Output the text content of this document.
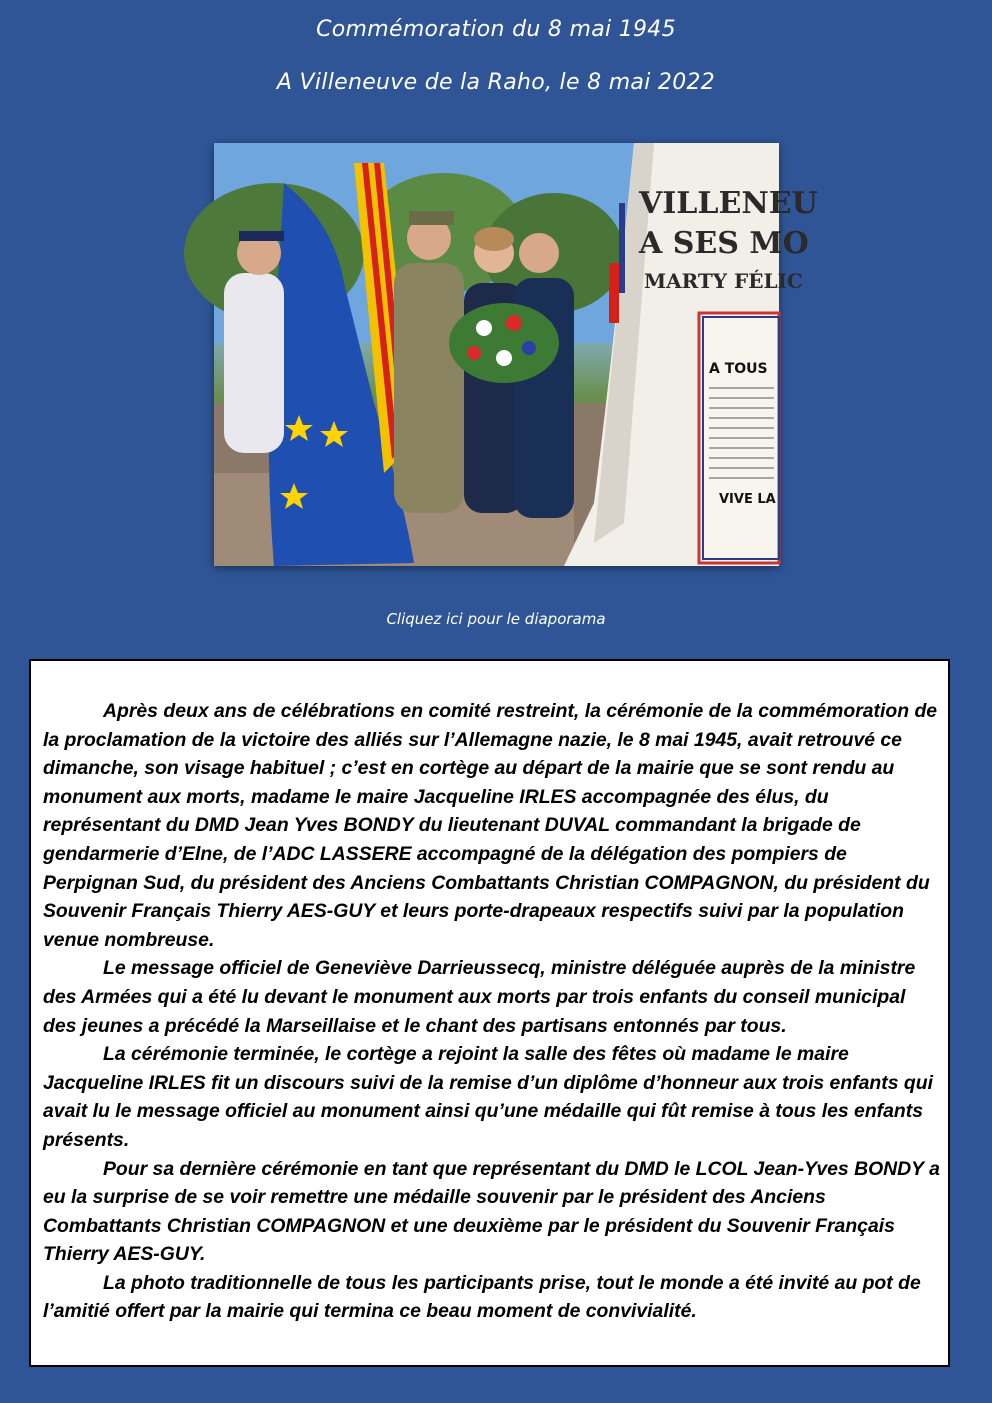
Commémoration du 8 mai 1945
A Villeneuve de la Raho, le 8 mai 2022
VILLENEU
A SES MO
MARTY FÉLIC
A TOUS
VIVE LA
Cliquez ici pour le diaporama

Après deux ans de célébrations en comité restreint, la cérémonie de la commémoration de la proclamation de la victoire des alliés sur l’Allemagne nazie, le 8 mai 1945, avait retrouvé ce dimanche, son visage habituel ; c’est en cortège au départ de la mairie que se sont rendu au monument aux morts, madame le maire Jacqueline IRLES accompagnée des élus, du représentant du DMD Jean Yves BONDY du lieutenant DUVAL commandant la brigade de gendarmerie d’Elne, de l’ADC LASSERE accompagné de la délégation des pompiers de Perpignan Sud, du président des Anciens Combattants Christian COMPAGNON, du président du Souvenir Français Thierry AES-GUY et leurs porte-drapeaux respectifs suivi par la population venue nombreuse.

Le message officiel de Geneviève Darrieussecq, ministre déléguée auprès de la ministre des Armées qui a été lu devant le monument aux morts par trois enfants du conseil municipal des jeunes a précédé la Marseillaise et le chant des partisans entonnés par tous.

La cérémonie terminée, le cortège a rejoint la salle des fêtes où madame le maire Jacqueline IRLES fit un discours suivi de la remise d’un diplôme d’honneur aux trois enfants qui avait lu le message officiel au monument ainsi qu’une médaille qui fût remise à tous les enfants présents.

Pour sa dernière cérémonie en tant que représentant du DMD le LCOL Jean-Yves BONDY a eu la surprise de se voir remettre une médaille souvenir par le président des Anciens Combattants Christian COMPAGNON et une deuxième par le président du Souvenir Français Thierry AES-GUY.

La photo traditionnelle de tous les participants prise, tout le monde a été invité au pot de l’amitié offert par la mairie qui termina ce beau moment de convivialité.
